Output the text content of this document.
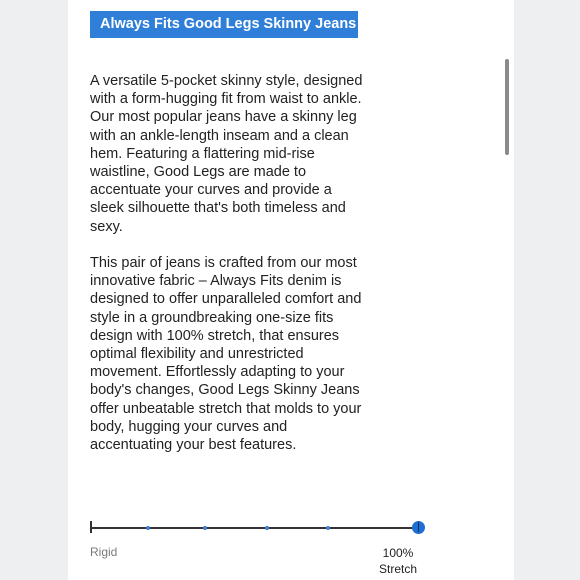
Always Fits Good Legs Skinny Jeans

A versatile 5-pocket skinny style, designed with a form-hugging fit from waist to ankle. Our most popular jeans have a skinny leg with an ankle-length inseam and a clean hem. Featuring a flattering mid-rise waistline, Good Legs are made to accentuate your curves and provide a sleek silhouette that's both timeless and sexy.

This pair of jeans is crafted from our most innovative fabric – Always Fits denim is designed to offer unparalleled comfort and style in a groundbreaking one-size fits design with 100% stretch, that ensures optimal flexibility and unrestricted movement. Effortlessly adapting to your body's changes, Good Legs Skinny Jeans offer unbeatable stretch that molds to your body, hugging your curves and accentuating your best features.

Rigid	100%
Stretch
